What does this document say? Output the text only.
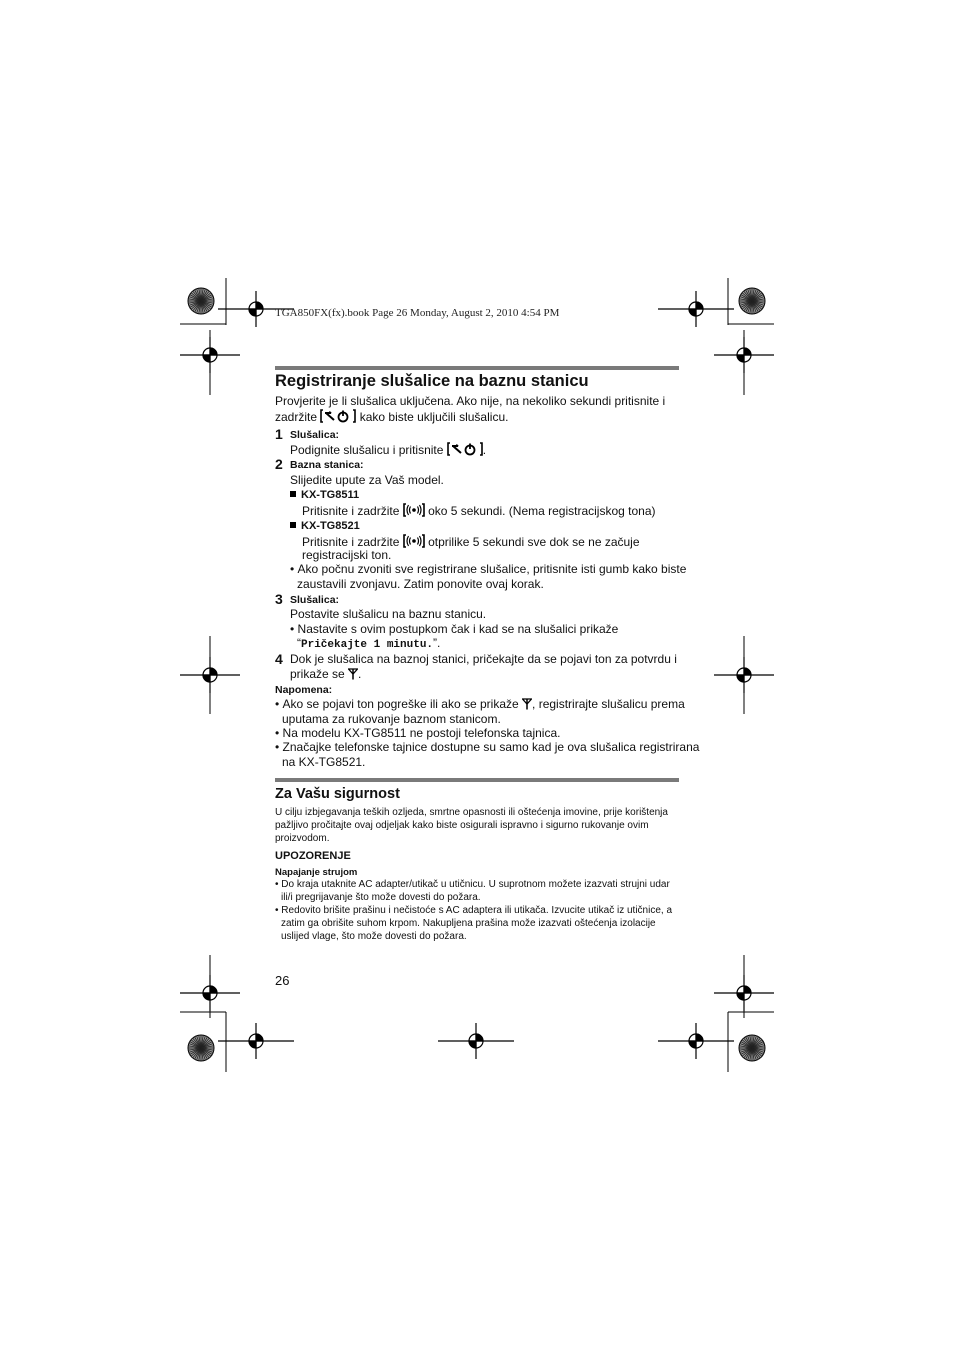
TGA850FX(fx).book Page 26 Monday, August 2, 2010 4:54 PM
Registriranje slušalice na baznu stanicu
Provjerite je li slušalica uključena. Ako nije, na nekoliko sekundi pritisnite i
zadržite	kako biste uključili slušalicu.
1 Slušalica:
Podignite slušalicu i pritisnite	.
2 Bazna stanica:
Slijedite upute za Vaš model.
KX-TG8511
Pritisnite i zadržite oko 5 sekundi. (Nema registracijskog tona)
KX-TG8521
Pritisnite i zadržite otprilike 5 sekundi sve dok se ne začuje
registracijski ton.
• Ako počnu zvoniti sve registrirane slušalice, pritisnite isti gumb kako biste
zaustavili zvonjavu. Zatim ponovite ovaj korak.
3 Slušalica:
Postavite slušalicu na baznu stanicu.
• Nastavite s ovim postupkom čak i kad se na slušalici prikaže
“Pričekajte 1 minutu.”.
4 Dok je slušalica na baznoj stanici, pričekajte da se pojavi ton za potvrdu i
prikaže se .
Napomena:
• Ako se pojavi ton pogreške ili ako se prikaže , registrirajte slušalicu prema
uputama za rukovanje baznom stanicom.
• Na modelu KX-TG8511 ne postoji telefonska tajnica.
• Značajke telefonske tajnice dostupne su samo kad je ova slušalica registrirana
na KX-TG8521.
Za Vašu sigurnost
U cilju izbjegavanja teških ozljeda, smrtne opasnosti ili oštećenja imovine, prije korištenja
pažljivo pročitajte ovaj odjeljak kako biste osigurali ispravno i sigurno rukovanje ovim
proizvodom.
UPOZORENJE
Napajanje strujom
• Do kraja utaknite AC adapter/utikač u utičnicu. U suprotnom možete izazvati strujni udar
ili/i pregrijavanje što može dovesti do požara.
• Redovito brišite prašinu i nečistoće s AC adaptera ili utikača. Izvucite utikač iz utičnice, a
zatim ga obrišite suhom krpom. Nakupljena prašina može izazvati oštećenja izolacije
uslijed vlage, što može dovesti do požara.
26
